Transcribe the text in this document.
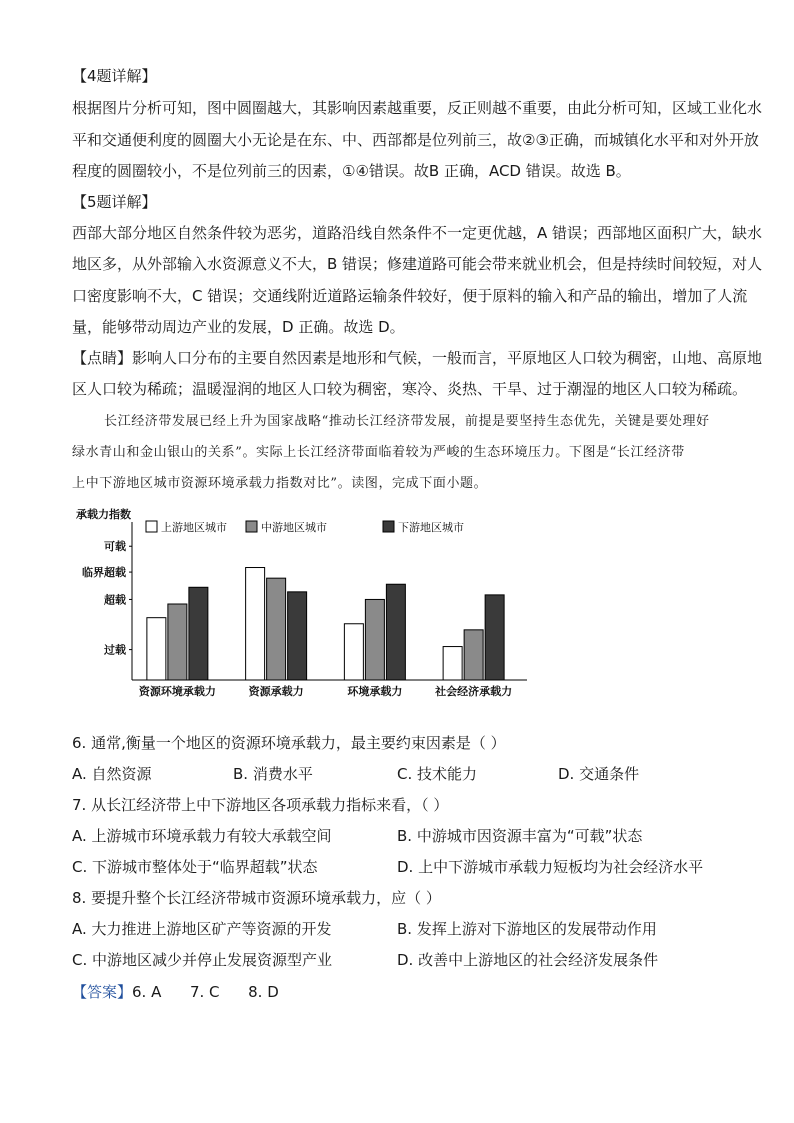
【4题详解】
根据图片分析可知，图中圆圈越大，其影响因素越重要，反正则越不重要，由此分析可知，区域工业化水
平和交通便利度的圆圈大小无论是在东、中、西部都是位列前三，故②③正确，而城镇化水平和对外开放
程度的圆圈较小，不是位列前三的因素，①④错误。故B 正确，ACD 错误。故选 B。
【5题详解】
西部大部分地区自然条件较为恶劣，道路沿线自然条件不一定更优越，A 错误；西部地区面积广大，缺水
地区多，从外部输入水资源意义不大，B 错误；修建道路可能会带来就业机会，但是持续时间较短，对人
口密度影响不大，C 错误；交通线附近道路运输条件较好，便于原料的输入和产品的输出，增加了人流
量，能够带动周边产业的发展，D 正确。故选 D。
【点睛】影响人口分布的主要自然因素是地形和气候，一般而言，平原地区人口较为稠密，山地、高原地
区人口较为稀疏；温暖湿润的地区人口较为稠密，寒冷、炎热、干旱、过于潮湿的地区人口较为稀疏。
长江经济带发展已经上升为国家战略“推动长江经济带发展，前提是要坚持生态优先，关键是要处理好
绿水青山和金山银山的关系”。实际上长江经济带面临着较为严峻的生态环境压力。下图是“长江经济带
上中下游地区城市资源环境承载力指数对比”。读图，完成下面小题。
承载力指数
可载
临界超载
超载
过载
资源环境承载力	资源承载力	环境承载力	社会经济承载力
上游地区城市	中游地区城市	下游地区城市
6. 通常,衡量一个地区的资源环境承载力，最主要约束因素是（ ）
A. 自然资源	B. 消费水平	C. 技术能力	D. 交通条件
7. 从长江经济带上中下游地区各项承载力指标来看，（ ）
A. 上游城市环境承载力有较大承载空间	B. 中游城市因资源丰富为“可载”状态
C. 下游城市整体处于“临界超载”状态	D. 上中下游城市承载力短板均为社会经济水平
8. 要提升整个长江经济带城市资源环境承载力，应（ ）
A. 大力推进上游地区矿产等资源的开发	B. 发挥上游对下游地区的发展带动作用
C. 中游地区减少并停止发展资源型产业	D. 改善中上游地区的社会经济发展条件
【答案】6. A      7. C      8. D
